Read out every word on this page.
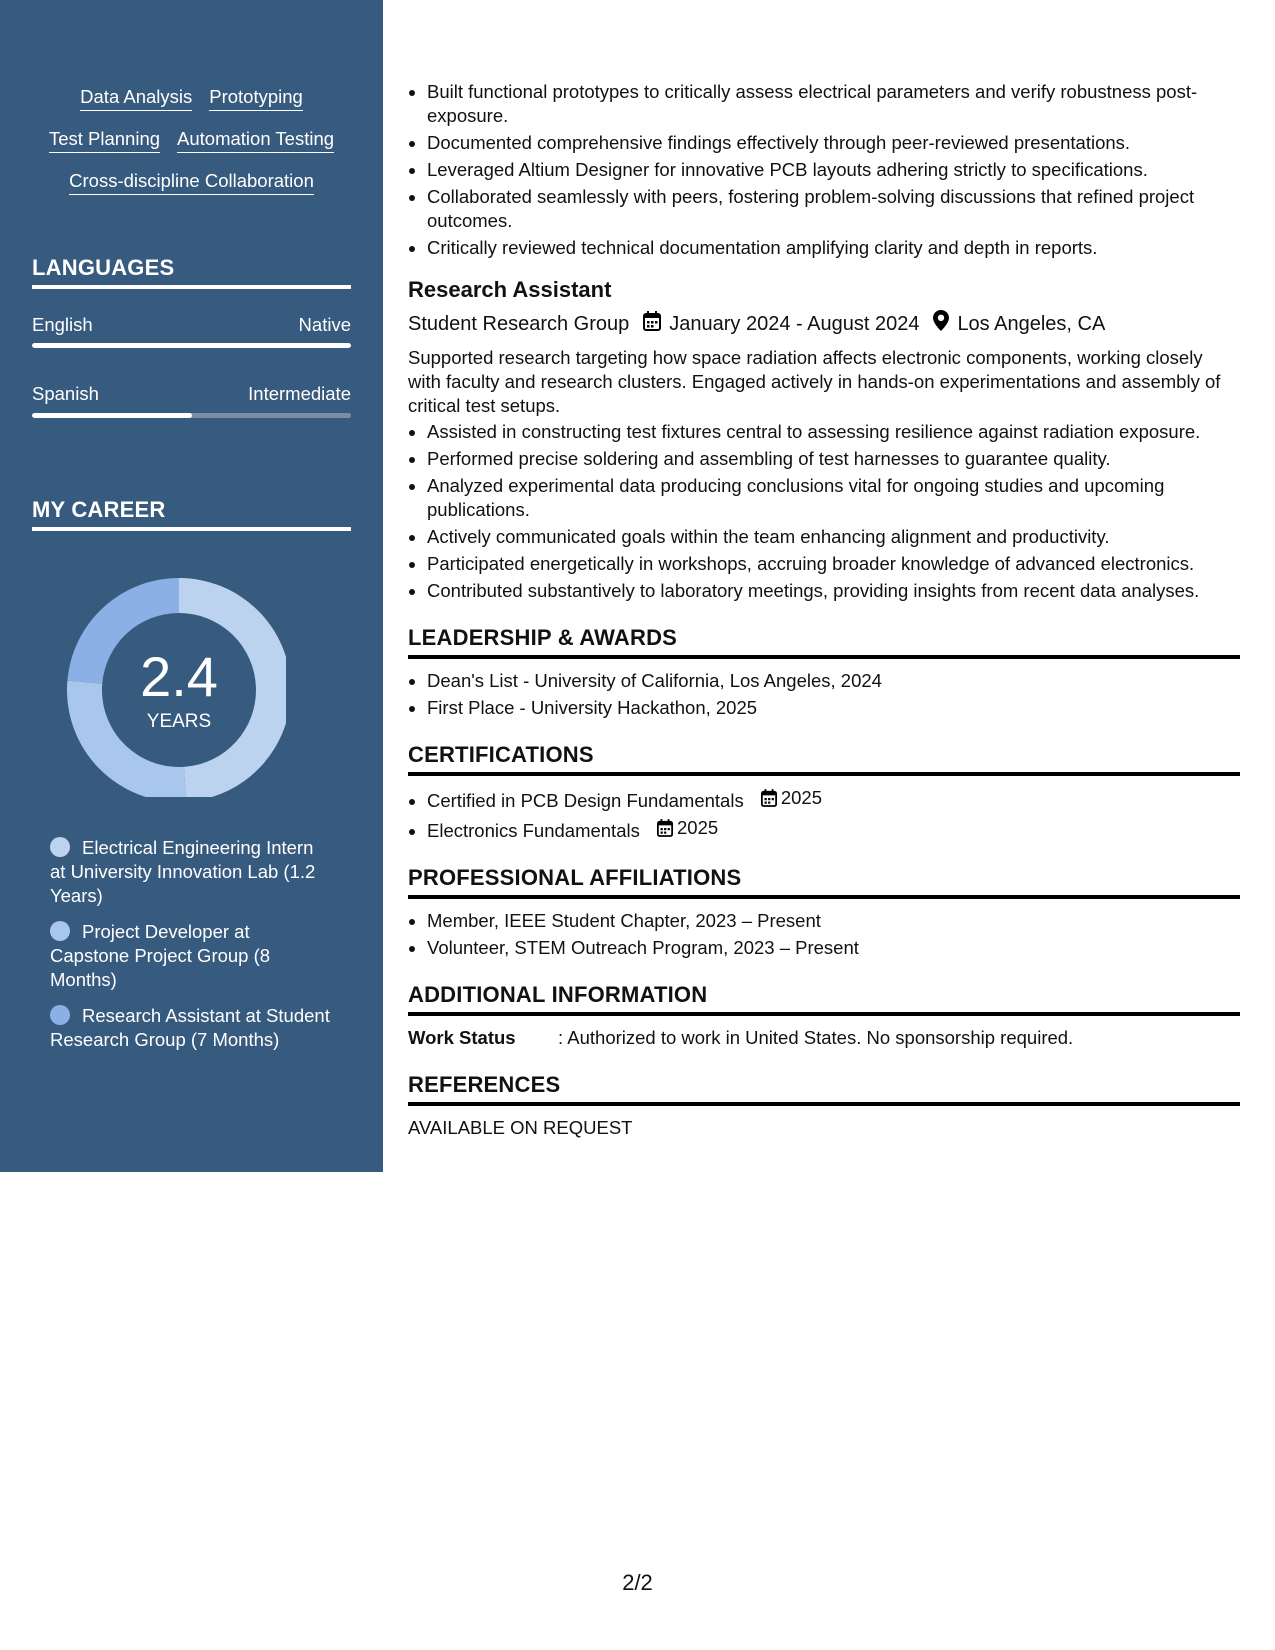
Data Analysis Prototyping
Test Planning Automation Testing
Cross-discipline Collaboration
LANGUAGES
English	Native
Spanish	Intermediate
MY CAREER
2.4
YEARS
Electrical Engineering Intern at University Innovation Lab (1.2 Years)
Project Developer at Capstone Project Group (8 Months)
Research Assistant at Student Research Group (7 Months)
• Built functional prototypes to critically assess electrical parameters and verify robustness post-exposure.
• Documented comprehensive findings effectively through peer-reviewed presentations.
• Leveraged Altium Designer for innovative PCB layouts adhering strictly to specifications.
• Collaborated seamlessly with peers, fostering problem-solving discussions that refined project outcomes.
• Critically reviewed technical documentation amplifying clarity and depth in reports.
Research Assistant
Student Research Group January 2024 - August 2024 Los Angeles, CA
Supported research targeting how space radiation affects electronic components, working closely with faculty and research clusters. Engaged actively in hands-on experimentations and assembly of critical test setups.
• Assisted in constructing test fixtures central to assessing resilience against radiation exposure.
• Performed precise soldering and assembling of test harnesses to guarantee quality.
• Analyzed experimental data producing conclusions vital for ongoing studies and upcoming publications.
• Actively communicated goals within the team enhancing alignment and productivity.
• Participated energetically in workshops, accruing broader knowledge of advanced electronics.
• Contributed substantively to laboratory meetings, providing insights from recent data analyses.
LEADERSHIP & AWARDS
• Dean's List - University of California, Los Angeles, 2024
• First Place - University Hackathon, 2025
CERTIFICATIONS
• Certified in PCB Design Fundamentals 2025
• Electronics Fundamentals 2025
PROFESSIONAL AFFILIATIONS
• Member, IEEE Student Chapter, 2023 – Present
• Volunteer, STEM Outreach Program, 2023 – Present
ADDITIONAL INFORMATION
Work Status	: Authorized to work in United States. No sponsorship required.
REFERENCES
AVAILABLE ON REQUEST
2/2
